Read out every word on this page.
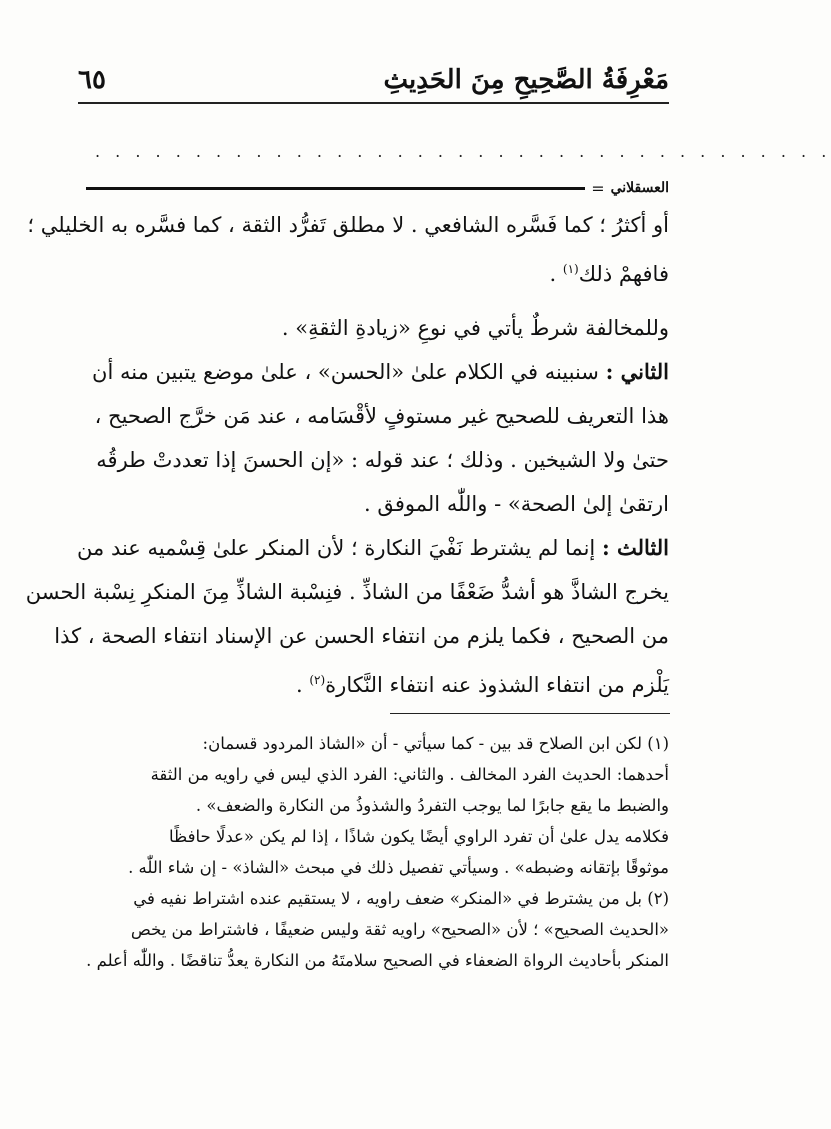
مَعْرِفَةُ الصَّحِيحِ مِنَ الحَدِيثِ
٦٥
. . . . . . . . . . . . . . . . . . . . . . . . . . . . . . . . . . . . .
العسقلاني
=
أو أكثرُ ؛ كما فَسَّره الشافعي . لا مطلق تَفرُّد الثقة ، كما فسَّره به الخليلي ؛
فافهمْ ذلك$^{(١)}$ .
وللمخالفة شرطٌ يأتي في نوعِ «زيادةِ الثقةِ» .
الثاني : سنبينه في الكلام علىٰ «الحسن» ، علىٰ موضع يتبين منه أن
هذا التعريف للصحيح غير مستوفٍ لأقْسَامه ، عند مَن خرَّج الصحيح ،
حتىٰ ولا الشيخين . وذلك ؛ عند قوله : «إن الحسنَ إذا تعددتْ طرقُه
ارتقىٰ إلىٰ الصحة» - واللّٰه الموفق .
الثالث : إنما لم يشترط نَفْيَ النكارة ؛ لأن المنكر علىٰ قِسْميه عند من
يخرج الشاذَّ هو أشدُّ ضَعْفًا من الشاذِّ . فنِسْبة الشاذِّ مِنَ المنكرِ نِسْبة الحسن
من الصحيح ، فكما يلزم من انتفاء الحسن عن الإسناد انتفاء الصحة ، كذا
يَلْزم من انتفاء الشذوذ عنه انتفاء النَّكارة$^{(٢)}$ .
(١) لكن ابن الصلاح قد بين - كما سيأتي - أن «الشاذ المردود قسمان:
أحدهما: الحديث الفرد المخالف . والثاني: الفرد الذي ليس في راويه من الثقة
والضبط ما يقع جابرًا لما يوجب التفردُ والشذوذُ من النكارة والضعف» .
فكلامه يدل علىٰ أن تفرد الراوي أيضًا يكون شاذًا ، إذا لم يكن «عدلًا حافظًا
موثوقًا بإتقانه وضبطه» . وسيأتي تفصيل ذلك في مبحث «الشاذ» - إن شاء اللّٰه .
(٢) بل من يشترط في «المنكر» ضعف راويه ، لا يستقيم عنده اشتراط نفيه في
«الحديث الصحيح» ؛ لأن «الصحيح» راويه ثقة وليس ضعيفًا ، فاشتراط من يخص
المنكر بأحاديث الرواة الضعفاء في الصحيح سلامتَهُ من النكارة يعدُّ تناقضًا . واللّٰه أعلم .
